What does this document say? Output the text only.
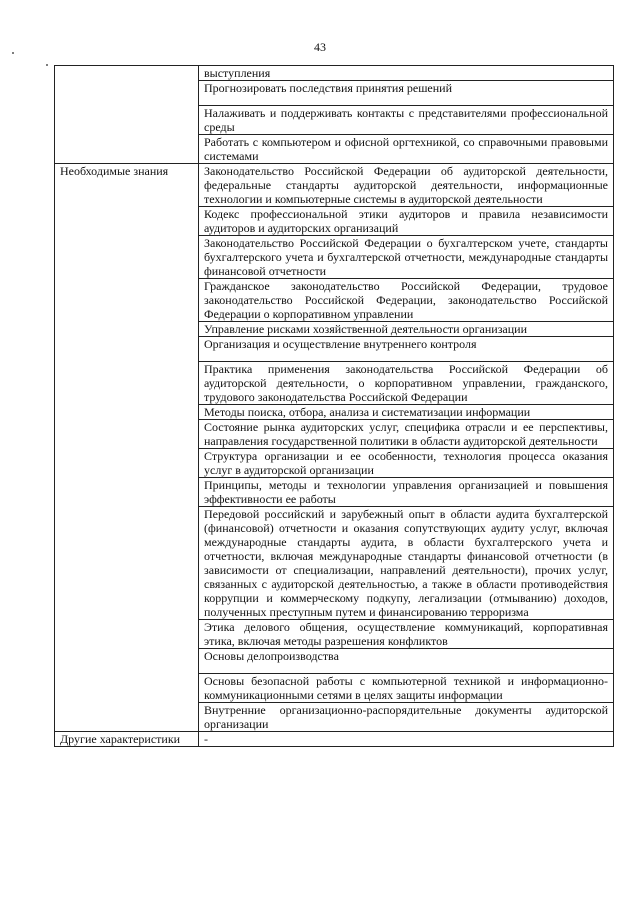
43
	выступления
	Прогнозировать последствия принятия решений
	Налаживать и поддерживать контакты с представителями профессиональной среды
	Работать с компьютером и офисной оргтехникой, со справочными правовыми системами
Необходимые знания	Законодательство Российской Федерации об аудиторской деятельности, федеральные стандарты аудиторской деятельности, информационные технологии и компьютерные системы в аудиторской деятельности
	Кодекс профессиональной этики аудиторов и правила независимости аудиторов и аудиторских организаций
	Законодательство Российской Федерации о бухгалтерском учете, стандарты бухгалтерского учета и бухгалтерской отчетности, международные стандарты финансовой отчетности
	Гражданское законодательство Российской Федерации, трудовое законодательство Российской Федерации, законодательство Российской Федерации о корпоративном управлении
	Управление рисками хозяйственной деятельности организации
	Организация и осуществление внутреннего контроля
	Практика применения законодательства Российской Федерации об аудиторской деятельности, о корпоративном управлении, гражданского, трудового законодательства Российской Федерации
	Методы поиска, отбора, анализа и систематизации информации
	Состояние рынка аудиторских услуг, специфика отрасли и ее перспективы, направления государственной политики в области аудиторской деятельности
	Структура организации и ее особенности, технология процесса оказания услуг в аудиторской организации
	Принципы, методы и технологии управления организацией и повышения эффективности ее работы
	Передовой российский и зарубежный опыт в области аудита бухгалтерской (финансовой) отчетности и оказания сопутствующих аудиту услуг, включая международные стандарты аудита, в области бухгалтерского учета и отчетности, включая международные стандарты финансовой отчетности (в зависимости от специализации, направлений деятельности), прочих услуг, связанных с аудиторской деятельностью, а также в области противодействия коррупции и коммерческому подкупу, легализации (отмыванию) доходов, полученных преступным путем и финансированию терроризма
	Этика делового общения, осуществление коммуникаций, корпоративная этика, включая методы разрешения конфликтов
	Основы делопроизводства
	Основы безопасной работы с компьютерной техникой и информационно-коммуникационными сетями в целях защиты информации
	Внутренние организационно-распорядительные документы аудиторской организации
Другие характеристики	-
